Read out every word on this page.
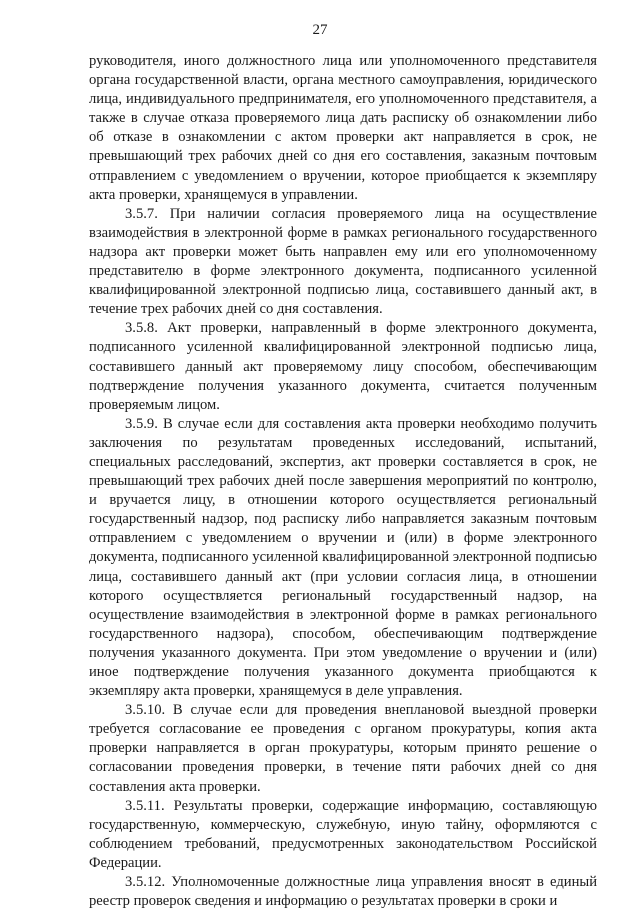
27

руководителя, иного должностного лица или уполномоченного представителя органа государственной власти, органа местного самоуправления, юридического лица, индивидуального предпринимателя, его уполномоченного представителя, а также в случае отказа проверяемого лица дать расписку об ознакомлении либо об отказе в ознакомлении с актом проверки акт направляется в срок, не превышающий трех рабочих дней со дня его составления, заказным почтовым отправлением с уведомлением о вручении, которое приобщается к экземпляру акта проверки, хранящемуся в управлении.

3.5.7. При наличии согласия проверяемого лица на осуществление взаимодействия в электронной форме в рамках регионального государственного надзора акт проверки может быть направлен ему или его уполномоченному представителю в форме электронного документа, подписанного усиленной квалифицированной электронной подписью лица, составившего данный акт, в течение трех рабочих дней со дня составления.

3.5.8. Акт проверки, направленный в форме электронного документа, подписанного усиленной квалифицированной электронной подписью лица, составившего данный акт проверяемому лицу способом, обеспечивающим подтверждение получения указанного документа, считается полученным проверяемым лицом.

3.5.9. В случае если для составления акта проверки необходимо получить заключения по результатам проведенных исследований, испытаний, специальных расследований, экспертиз, акт проверки составляется в срок, не превышающий трех рабочих дней после завершения мероприятий по контролю, и вручается лицу, в отношении которого осуществляется региональный государственный надзор, под расписку либо направляется заказным почтовым отправлением с уведомлением о вручении и (или) в форме электронного документа, подписанного усиленной квалифицированной электронной подписью лица, составившего данный акт (при условии согласия лица, в отношении которого осуществляется региональный государственный надзор, на осуществление взаимодействия в электронной форме в рамках регионального государственного надзора), способом, обеспечивающим подтверждение получения указанного документа. При этом уведомление о вручении и (или) иное подтверждение получения указанного документа приобщаются к экземпляру акта проверки, хранящемуся в деле управления.

3.5.10. В случае если для проведения внеплановой выездной проверки требуется согласование ее проведения с органом прокуратуры, копия акта проверки направляется в орган прокуратуры, которым принято решение о согласовании проведения проверки, в течение пяти рабочих дней со дня составления акта проверки.

3.5.11. Результаты проверки, содержащие информацию, составляющую государственную, коммерческую, служебную, иную тайну, оформляются с соблюдением требований, предусмотренных законодательством Российской Федерации.

3.5.12. Уполномоченные должностные лица управления вносят в единый реестр проверок сведения и информацию о результатах проверки в сроки и
